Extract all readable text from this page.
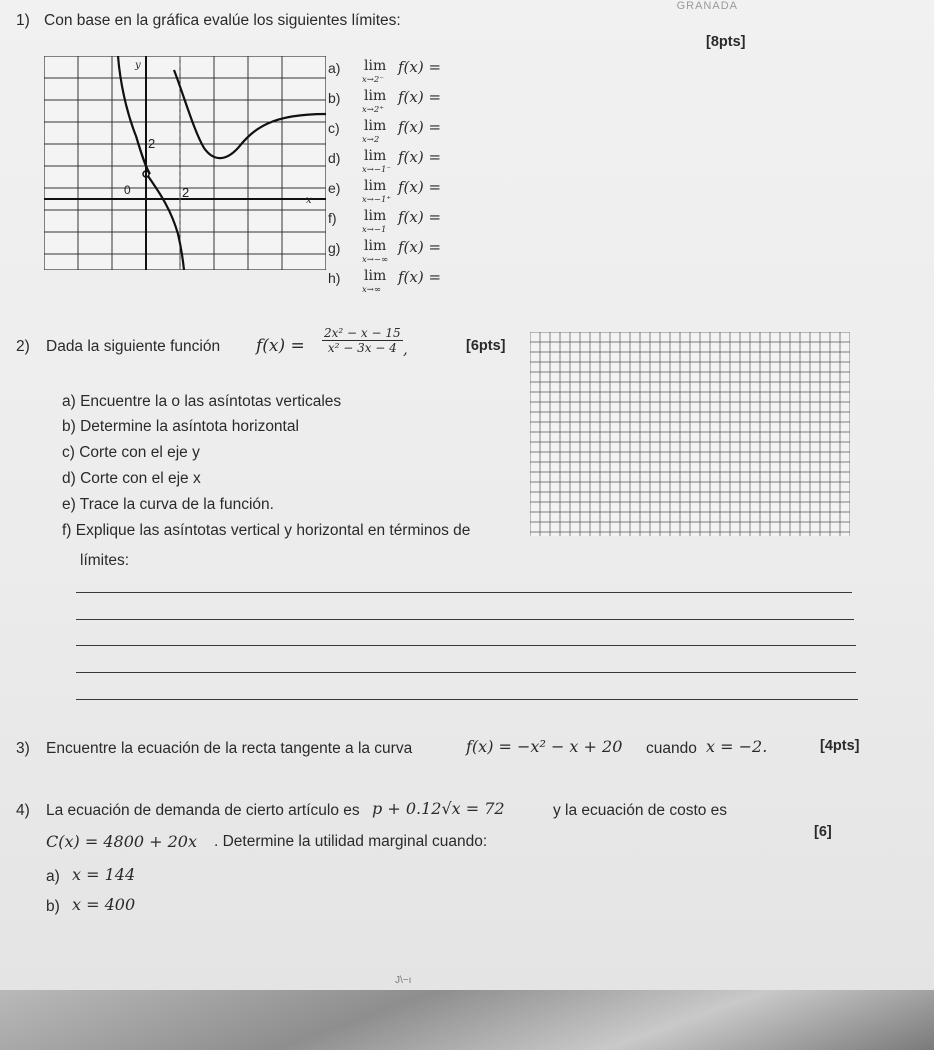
GRANADA
1) Con base en la gráfica evalúe los siguientes límites:
[8pts]
2
0	2
y
x
a) lim
x→2⁻
f(x) =
b) lim
x→2⁺
f(x) =
c) lim
x→2
f(x) =
d) lim
x→−1⁻
f(x) =
e) lim
x→−1⁺
f(x) =
f) lim
x→−1
f(x) =
g) lim
x→−∞
f(x) =
h) lim
x→∞
f(x) =
2) Dada la siguiente función $f(x) = \frac{\text{2x² − x − 15}}{\text{x² − 3x − 4}}$ ,	[6pts]
a) Encuentre la o las asíntotas verticales
b) Determine la asíntota horizontal
c) Corte con el eje y
d) Corte con el eje x
e) Trace la curva de la función.
f) Explique las asíntotas vertical y horizontal en términos de
límites:
3) Encuentre la ecuación de la recta tangente a la curva	f(x) = −x² − x + 20 cuando x = −2.	[4pts]
4) La ecuación de demanda de cierto artículo es p + 0.12√x = 72	y la ecuación de costo es
C(x) = 4800 + 20x . Determine la utilidad marginal cuando:
[6]
a) x = 144
b) x = 400
J\−ı
